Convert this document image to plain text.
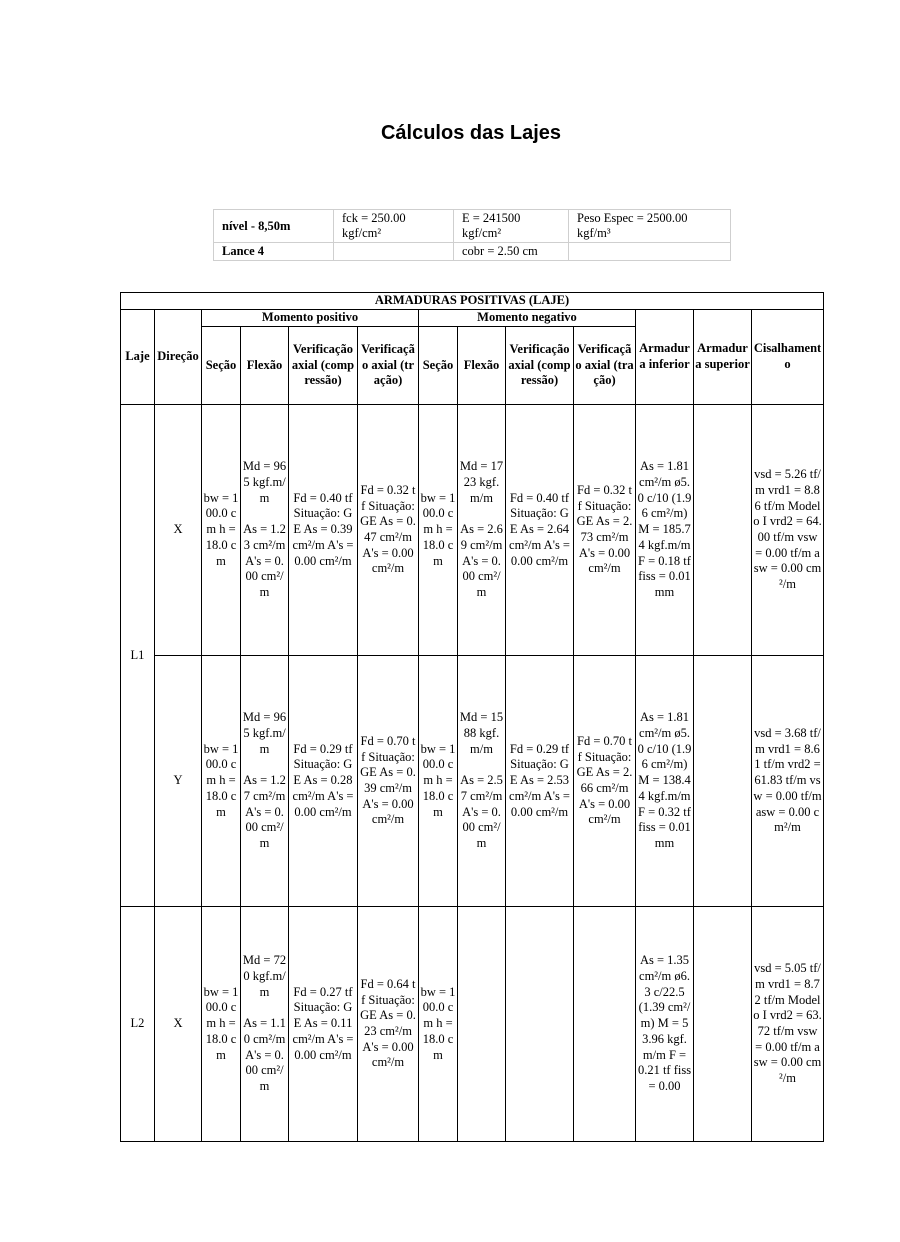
Cálculos das Lajes
nível - 8,50m	fck = 250.00 kgf/cm²	E = 241500 kgf/cm²	Peso Espec = 2500.00 kgf/m³
Lance 4		cobr = 2.50 cm	
ARMADURAS POSITIVAS (LAJE)												
Laje	Direção	Momento positivo				Momento negativo				Armadura inferior	Armadura superior	Cisalhamento
		Seção	Flexão	Verificação axial (compressão)	Verificação axial (tração)	Seção	Flexão	Verificação axial (compressão)	Verificação axial (tração)			
L1	X	bw = 100.0 cm h = 18.0 cm	Md = 965 kgf.m/m

As = 1.23 cm²/m A's = 0.00 cm²/m	Fd = 0.40 tf Situação: GE As = 0.39 cm²/m A's = 0.00 cm²/m	Fd = 0.32 tf Situação: GE As = 0.47 cm²/m A's = 0.00 cm²/m	bw = 100.0 cm h = 18.0 cm	Md = 1723 kgf.m/m

As = 2.69 cm²/m A's = 0.00 cm²/m	Fd = 0.40 tf Situação: GE As = 2.64 cm²/m A's = 0.00 cm²/m	Fd = 0.32 tf Situação: GE As = 2.73 cm²/m A's = 0.00 cm²/m	As = 1.81 cm²/m ø5.0 c/10 (1.96 cm²/m) M = 185.74 kgf.m/m F = 0.18 tf fiss = 0.01 mm		vsd = 5.26 tf/m vrd1 = 8.86 tf/m Modelo I vrd2 = 64.00 tf/m vsw = 0.00 tf/m asw = 0.00 cm²/m
	Y	bw = 100.0 cm h = 18.0 cm	Md = 965 kgf.m/m

As = 1.27 cm²/m A's = 0.00 cm²/m	Fd = 0.29 tf Situação: GE As = 0.28 cm²/m A's = 0.00 cm²/m	Fd = 0.70 tf Situação: GE As = 0.39 cm²/m A's = 0.00 cm²/m	bw = 100.0 cm h = 18.0 cm	Md = 1588 kgf.m/m

As = 2.57 cm²/m A's = 0.00 cm²/m	Fd = 0.29 tf Situação: GE As = 2.53 cm²/m A's = 0.00 cm²/m	Fd = 0.70 tf Situação: GE As = 2.66 cm²/m A's = 0.00 cm²/m	As = 1.81 cm²/m ø5.0 c/10 (1.96 cm²/m) M = 138.44 kgf.m/m F = 0.32 tf fiss = 0.01 mm		vsd = 3.68 tf/m vrd1 = 8.61 tf/m vrd2 = 61.83 tf/m vsw = 0.00 tf/m asw = 0.00 cm²/m
L2	X	bw = 100.0 cm h = 18.0 cm	Md = 720 kgf.m/m

As = 1.10 cm²/m A's = 0.00 cm²/m	Fd = 0.27 tf Situação: GE As = 0.11 cm²/m A's = 0.00 cm²/m	Fd = 0.64 tf Situação: GE As = 0.23 cm²/m A's = 0.00 cm²/m	bw = 100.0 cm h = 18.0 cm				As = 1.35 cm²/m ø6.3 c/22.5 (1.39 cm²/m) M = 53.96 kgf.m/m F = 0.21 tf fiss = 0.00		vsd = 5.05 tf/m vrd1 = 8.72 tf/m Modelo I vrd2 = 63.72 tf/m vsw = 0.00 tf/m asw = 0.00 cm²/m
